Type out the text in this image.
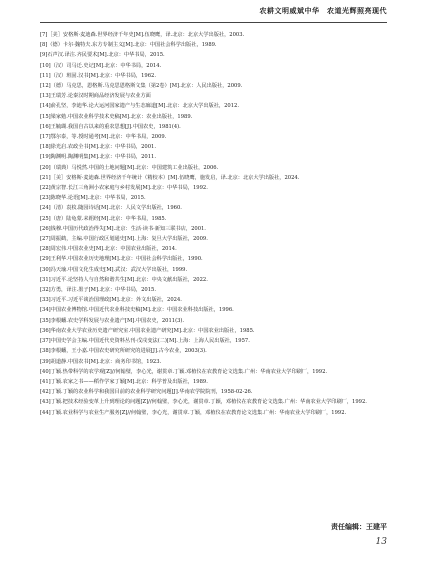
农耕文明威斌中华　农道光辉照亮现代
[7]［美］安格斯·麦迪森.世界经济千年史[M].伍晓鹰，译.北京：北京大学出版社，2003.
[8]（德）卡尔·魏特夫.东方专制主义[M].北京：中国社会科学出版社，1989.
[9]石声汉.译注.齐民要术[M].北京：中华书局，2015.
[10]（汉）司马迁.史记[M].北京：中华书局，2014.
[11]（汉）班固.汉书[M].北京：中华书局，1962.
[12]（德）马克思，恩格斯.马克思恩格斯文集（第2卷）[M].北京：人民出版社，2009.
[13]王瑞芳.论秦汉时期商品经济发展与农业方面
[14]俞孔坚，李迪华.论大运河国家遗产与生态廊道[M].北京：北京大学出版社，2012.
[15]梁家勉.中国农业科学技术史稿[M].北京：农业出版社，1989.
[16]王毓瑚.我国自古以来的重农思想[J].中国农史，1981(4).
[17]鄂尔泰，等.授时通考[M].北京：中华书局，2009.
[18]徐光启.农政全书[M].北京：中华书局，2001.
[19]陶渊明.陶渊明集[M].北京：中华书局，2011.
[20]（瑞典）马悦然.中国的土地问题[M].北京：中国建筑工业出版社，2006.
[21]［美］安格斯·麦迪森.世界经济千年统计（精校本）[M].伍晓鹰，施发启，译.北京：北京大学出版社，2024.
[22]黄宗智.长江三角洲小农家庭与乡村发展[M].北京：中华书局，1992.
[23]陈晓华.论语[M].北京：中华书局，2015.
[24]（清）袁枚.随园诗话[M].北京：人民文学出版社，1960.
[25]（唐）陆龟蒙.耒耜经[M].北京：中华书局，1985.
[26]钱穆.中国历代政治得失[M].北京：生活·读书·新知三联书店，2001.
[27]周振鹤，主编.中国行政区划通史[M].上海：复旦大学出版社，2009.
[28]周宏伟.中国农业史[M].北京：中国农业出版社，2014.
[29]王利华.中国农业历史地理[M].北京：中国社会科学出版社，1990.
[30]冯天瑜.中国文化生成史[M].武汉：武汉大学出版社，1999.
[31]习近平.论坚持人与自然和谐共生[M].北京：中央文献出版社，2022.
[32]方勇，译注.墨子[M].北京：中华书局，2015.
[33]习近平.习近平谈治国理政[M].北京：外文出版社，2024.
[34]中国农业博物馆.中国近代农业科技史稿[M].北京：中国农业科技出版社，1996.
[35]李根蟠.农史学科发展与农业遗产[M].中国农史，2011(3).
[36]华南农业大学农业历史遗产研究室.中国农业遗产研究[M].北京：中国农业出版社，1985.
[37]中国史学会主编.中国近代史资料丛刊·戊戌变法(二)[M].上海：上海人民出版社，1957.
[38]李根蟠，王小嘉.中国农史研究所研究的进展[J].古今农业，2003(3).
[39]胡道静.中国农书[M].北京：商务印书馆，1923.
[40]丁颖.热带科学的农学观[Z]//何翰璧，李心光，谢贯章.丁颖.邓植仪在农教育论文选集.广州：华南农业大学印刷厂，1992.
[41]丁颖.农家之书——稻作学家丁颖[M].北京：科学普及出版社，1989.
[42]丁颖.丁颖的农业科学和我国目前的农业科学研究问题[J].华南农学院院刊，1958-02-26.
[43]丁颖.把技术经验变革上升到理论的问题[Z]//何翰璧，李心光，谢贯章.丁颖，邓植仪在农教育论文选集.广州：华南农业大学印刷厂，1992.
[44]丁颖.农业科学与农业生产服务[Z]//何翰璧，李心光，谢贯章.丁颖，邓植仪在农教育论文选集.广州：华南农业大学印刷厂，1992.
责任编辑：王建平
13
